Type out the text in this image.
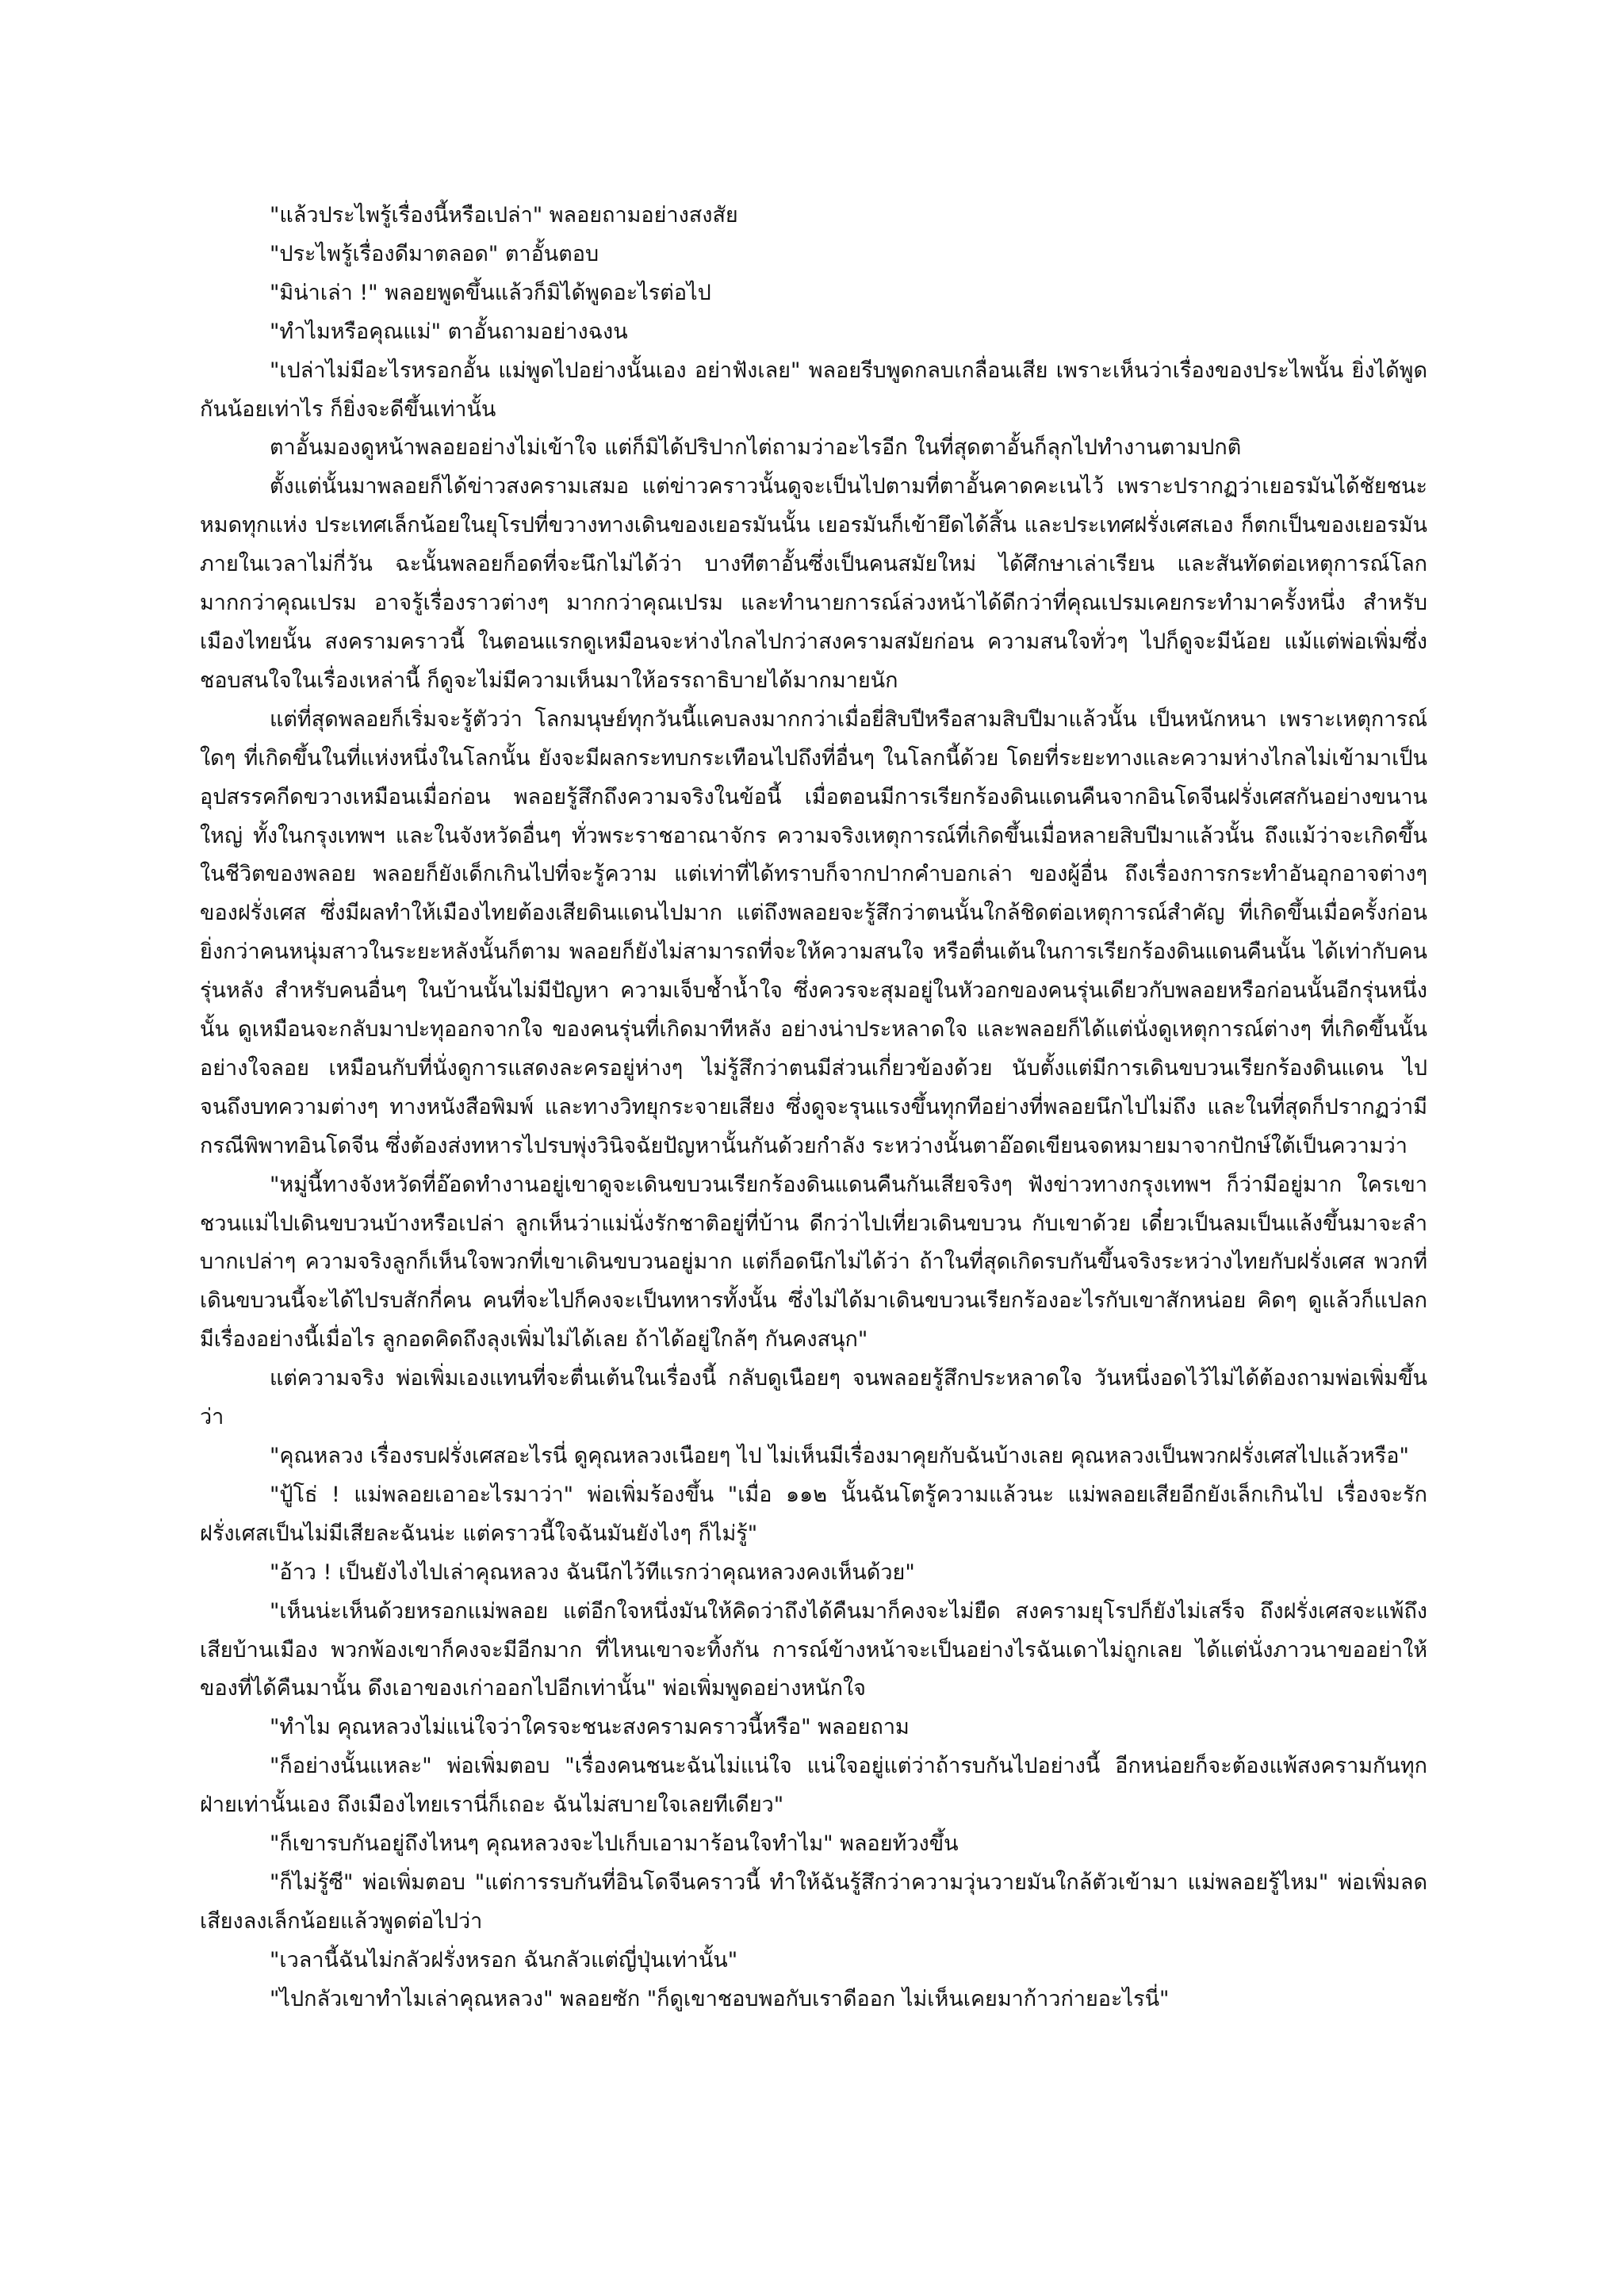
"แล้วประไพรู้เรื่องนี้หรือเปล่า" พลอยถามอย่างสงสัย

"ประไพรู้เรื่องดีมาตลอด" ตาอั้นตอบ

"มิน่าเล่า !" พลอยพูดขึ้นแล้วก็มิได้พูดอะไรต่อไป

"ทำไมหรือคุณแม่" ตาอั้นถามอย่างฉงน

"เปล่าไม่มีอะไรหรอกอั้น แม่พูดไปอย่างนั้นเอง อย่าฟังเลย" พลอยรีบพูดกลบเกลื่อนเสีย เพราะเห็นว่าเรื่องของประไพนั้น ยิ่งได้พูดกันน้อยเท่าไร ก็ยิ่งจะดีขึ้นเท่านั้น

ตาอั้นมองดูหน้าพลอยอย่างไม่เข้าใจ แต่ก็มิได้ปริปากไต่ถามว่าอะไรอีก ในที่สุดตาอั้นก็ลุกไปทำงานตามปกติ

ตั้งแต่นั้นมาพลอยก็ได้ข่าวสงครามเสมอ แต่ข่าวคราวนั้นดูจะเป็นไปตามที่ตาอั้นคาดคะเนไว้ เพราะปรากฏว่าเยอรมันได้ชัยชนะหมดทุกแห่ง ประเทศเล็กน้อยในยุโรปที่ขวางทางเดินของเยอรมันนั้น เยอรมันก็เข้ายึดได้สิ้น และประเทศฝรั่งเศสเอง ก็ตกเป็นของเยอรมันภายในเวลาไม่กี่วัน ฉะนั้นพลอยก็อดที่จะนึกไม่ได้ว่า บางทีตาอั้นซึ่งเป็นคนสมัยใหม่ ได้ศึกษาเล่าเรียน และสันทัดต่อเหตุการณ์โลกมากกว่าคุณเปรม อาจรู้เรื่องราวต่างๆ มากกว่าคุณเปรม และทำนายการณ์ล่วงหน้าได้ดีกว่าที่คุณเปรมเคยกระทำมาครั้งหนึ่ง สำหรับเมืองไทยนั้น สงครามคราวนี้ ในตอนแรกดูเหมือนจะห่างไกลไปกว่าสงครามสมัยก่อน ความสนใจทั่วๆ ไปก็ดูจะมีน้อย แม้แต่พ่อเพิ่มซึ่งชอบสนใจในเรื่องเหล่านี้ ก็ดูจะไม่มีความเห็นมาให้อรรถาธิบายได้มากมายนัก

แต่ที่สุดพลอยก็เริ่มจะรู้ตัวว่า โลกมนุษย์ทุกวันนี้แคบลงมากกว่าเมื่อยี่สิบปีหรือสามสิบปีมาแล้วนั้น เป็นหนักหนา เพราะเหตุการณ์ใดๆ ที่เกิดขึ้นในที่แห่งหนึ่งในโลกนั้น ยังจะมีผลกระทบกระเทือนไปถึงที่อื่นๆ ในโลกนี้ด้วย โดยที่ระยะทางและความห่างไกลไม่เข้ามาเป็นอุปสรรคกีดขวางเหมือนเมื่อก่อน พลอยรู้สึกถึงความจริงในข้อนี้ เมื่อตอนมีการเรียกร้องดินแดนคืนจากอินโดจีนฝรั่งเศสกันอย่างขนานใหญ่ ทั้งในกรุงเทพฯ และในจังหวัดอื่นๆ ทั่วพระราชอาณาจักร ความจริงเหตุการณ์ที่เกิดขึ้นเมื่อหลายสิบปีมาแล้วนั้น ถึงแม้ว่าจะเกิดขึ้นในชีวิตของพลอย พลอยก็ยังเด็กเกินไปที่จะรู้ความ แต่เท่าที่ได้ทราบก็จากปากคำบอกเล่า ของผู้อื่น ถึงเรื่องการกระทำอันอุกอาจต่างๆ ของฝรั่งเศส ซึ่งมีผลทำให้เมืองไทยต้องเสียดินแดนไปมาก แต่ถึงพลอยจะรู้สึกว่าตนนั้นใกล้ชิดต่อเหตุการณ์สำคัญ ที่เกิดขึ้นเมื่อครั้งก่อน ยิ่งกว่าคนหนุ่มสาวในระยะหลังนั้นก็ตาม พลอยก็ยังไม่สามารถที่จะให้ความสนใจ หรือตื่นเต้นในการเรียกร้องดินแดนคืนนั้น ได้เท่ากับคนรุ่นหลัง สำหรับคนอื่นๆ ในบ้านนั้นไม่มีปัญหา ความเจ็บช้ำน้ำใจ ซึ่งควรจะสุมอยู่ในหัวอกของคนรุ่นเดียวกับพลอยหรือก่อนนั้นอีกรุ่นหนึ่งนั้น ดูเหมือนจะกลับมาปะทุออกจากใจ ของคนรุ่นที่เกิดมาทีหลัง อย่างน่าประหลาดใจ และพลอยก็ได้แต่นั่งดูเหตุการณ์ต่างๆ ที่เกิดขึ้นนั้นอย่างใจลอย เหมือนกับที่นั่งดูการแสดงละครอยู่ห่างๆ ไม่รู้สึกว่าตนมีส่วนเกี่ยวข้องด้วย นับตั้งแต่มีการเดินขบวนเรียกร้องดินแดน ไปจนถึงบทความต่างๆ ทางหนังสือพิมพ์ และทางวิทยุกระจายเสียง ซึ่งดูจะรุนแรงขึ้นทุกทีอย่างที่พลอยนึกไปไม่ถึง และในที่สุดก็ปรากฏว่ามีกรณีพิพาทอินโดจีน ซึ่งต้องส่งทหารไปรบพุ่งวินิจฉัยปัญหานั้นกันด้วยกำลัง ระหว่างนั้นตาอ๊อดเขียนจดหมายมาจากปักษ์ใต้เป็นความว่า

"หมู่นี้ทางจังหวัดที่อ๊อดทำงานอยู่เขาดูจะเดินขบวนเรียกร้องดินแดนคืนกันเสียจริงๆ ฟังข่าวทางกรุงเทพฯ ก็ว่ามีอยู่มาก ใครเขาชวนแม่ไปเดินขบวนบ้างหรือเปล่า ลูกเห็นว่าแม่นั่งรักชาติอยู่ที่บ้าน ดีกว่าไปเที่ยวเดินขบวน กับเขาด้วย เดี๋ยวเป็นลมเป็นแล้งขึ้นมาจะลำบากเปล่าๆ ความจริงลูกก็เห็นใจพวกที่เขาเดินขบวนอยู่มาก แต่ก็อดนึกไม่ได้ว่า ถ้าในที่สุดเกิดรบกันขึ้นจริงระหว่างไทยกับฝรั่งเศส พวกที่เดินขบวนนี้จะได้ไปรบสักกี่คน คนที่จะไปก็คงจะเป็นทหารทั้งนั้น ซึ่งไม่ได้มาเดินขบวนเรียกร้องอะไรกับเขาสักหน่อย คิดๆ ดูแล้วก็แปลก มีเรื่องอย่างนี้เมื่อไร ลูกอดคิดถึงลุงเพิ่มไม่ได้เลย ถ้าได้อยู่ใกล้ๆ กันคงสนุก"

แต่ความจริง พ่อเพิ่มเองแทนที่จะตื่นเต้นในเรื่องนี้ กลับดูเนือยๆ จนพลอยรู้สึกประหลาดใจ วันหนึ่งอดไว้ไม่ได้ต้องถามพ่อเพิ่มขึ้นว่า

"คุณหลวง เรื่องรบฝรั่งเศสอะไรนี่ ดูคุณหลวงเนือยๆ ไป ไม่เห็นมีเรื่องมาคุยกับฉันบ้างเลย คุณหลวงเป็นพวกฝรั่งเศสไปแล้วหรือ"

"ปู้โธ่ ! แม่พลอยเอาอะไรมาว่า" พ่อเพิ่มร้องขึ้น "เมื่อ ๑๑๒ นั้นฉันโตรู้ความแล้วนะ แม่พลอยเสียอีกยังเล็กเกินไป เรื่องจะรักฝรั่งเศสเป็นไม่มีเสียละฉันน่ะ แต่คราวนี้ใจฉันมันยังไงๆ ก็ไม่รู้"

"อ้าว ! เป็นยังไงไปเล่าคุณหลวง ฉันนึกไว้ทีแรกว่าคุณหลวงคงเห็นด้วย"

"เห็นน่ะเห็นด้วยหรอกแม่พลอย แต่อีกใจหนึ่งมันให้คิดว่าถึงได้คืนมาก็คงจะไม่ยืด สงครามยุโรปก็ยังไม่เสร็จ ถึงฝรั่งเศสจะแพ้ถึงเสียบ้านเมือง พวกพ้องเขาก็คงจะมีอีกมาก ที่ไหนเขาจะทิ้งกัน การณ์ข้างหน้าจะเป็นอย่างไรฉันเดาไม่ถูกเลย ได้แต่นั่งภาวนาขออย่าให้ของที่ได้คืนมานั้น ดึงเอาของเก่าออกไปอีกเท่านั้น" พ่อเพิ่มพูดอย่างหนักใจ

"ทำไม คุณหลวงไม่แน่ใจว่าใครจะชนะสงครามคราวนี้หรือ" พลอยถาม

"ก็อย่างนั้นแหละ" พ่อเพิ่มตอบ "เรื่องคนชนะฉันไม่แน่ใจ แน่ใจอยู่แต่ว่าถ้ารบกันไปอย่างนี้ อีกหน่อยก็จะต้องแพ้สงครามกันทุกฝ่ายเท่านั้นเอง ถึงเมืองไทยเรานี่ก็เถอะ ฉันไม่สบายใจเลยทีเดียว"

"ก็เขารบกันอยู่ถึงไหนๆ คุณหลวงจะไปเก็บเอามาร้อนใจทำไม" พลอยท้วงขึ้น

"ก็ไม่รู้ซี" พ่อเพิ่มตอบ "แต่การรบกันที่อินโดจีนคราวนี้ ทำให้ฉันรู้สึกว่าความวุ่นวายมันใกล้ตัวเข้ามา แม่พลอยรู้ไหม" พ่อเพิ่มลดเสียงลงเล็กน้อยแล้วพูดต่อไปว่า

"เวลานี้ฉันไม่กลัวฝรั่งหรอก ฉันกลัวแต่ญี่ปุ่นเท่านั้น"

"ไปกลัวเขาทำไมเล่าคุณหลวง" พลอยซัก "ก็ดูเขาชอบพอกับเราดีออก ไม่เห็นเคยมาก้าวก่ายอะไรนี่"
